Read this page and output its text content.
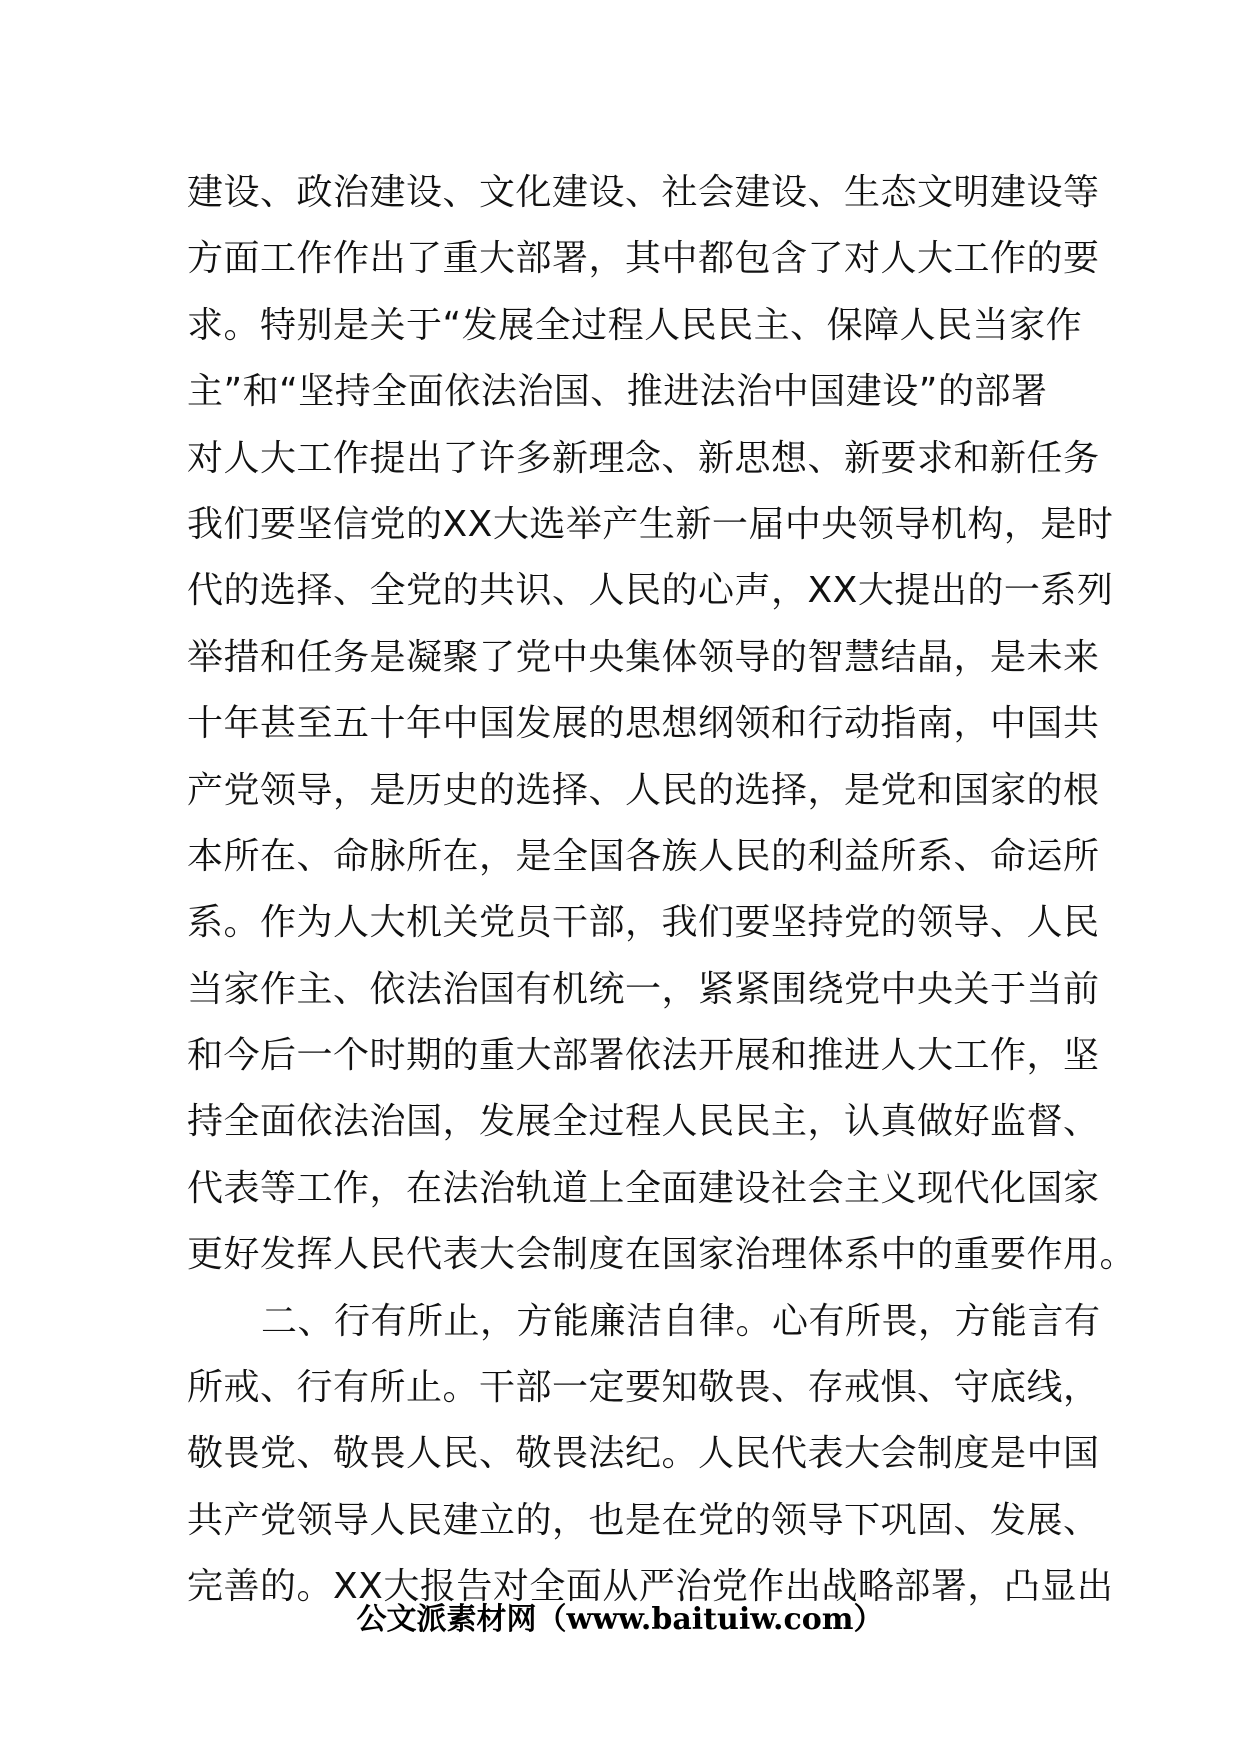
建设、政治建设、文化建设、社会建设、生态文明建设等
方面工作作出了重大部署，其中都包含了对人大工作的要
求。特别是关于“发展全过程人民民主、保障人民当家作
主”和“坚持全面依法治国、推进法治中国建设”的部署
对人大工作提出了许多新理念、新思想、新要求和新任务
我们要坚信党的XX大选举产生新一届中央领导机构，是时
代的选择、全党的共识、人民的心声，XX大提出的一系列
举措和任务是凝聚了党中央集体领导的智慧结晶，是未来
十年甚至五十年中国发展的思想纲领和行动指南，中国共
产党领导，是历史的选择、人民的选择，是党和国家的根
本所在、命脉所在，是全国各族人民的利益所系、命运所
系。作为人大机关党员干部，我们要坚持党的领导、人民
当家作主、依法治国有机统一，紧紧围绕党中央关于当前
和今后一个时期的重大部署依法开展和推进人大工作，坚
持全面依法治国，发展全过程人民民主，认真做好监督、
代表等工作，在法治轨道上全面建设社会主义现代化国家
更好发挥人民代表大会制度在国家治理体系中的重要作用。
二、行有所止，方能廉洁自律。心有所畏，方能言有
所戒、行有所止。干部一定要知敬畏、存戒惧、守底线，
敬畏党、敬畏人民、敬畏法纪。人民代表大会制度是中国
共产党领导人民建立的，也是在党的领导下巩固、发展、
完善的。XX大报告对全面从严治党作出战略部署，凸显出
公文派素材网（www.baituiw.com）
